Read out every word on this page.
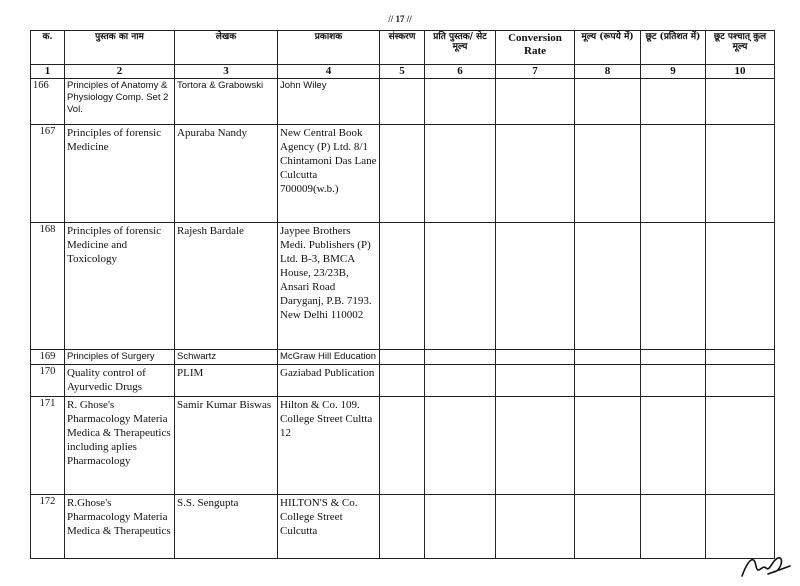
// 17 //
क.	पुस्तक का नाम	लेखक	प्रकाशक	संस्करण	प्रति पुस्तक/ सेट मूल्य	Conversion Rate	मूल्य (रूपये में)	छूट (प्रतिशत में)	छूट पश्चात् कुल मूल्य
1	2	3	4	5	6	7	8	9	10
166	Principles of Anatomy & Physiology Comp. Set 2 Vol.	Tortora & Grabowski	John Wiley						
167	Principles of forensic Medicine	Apuraba Nandy	New Central Book Agency (P) Ltd. 8/1 Chintamoni Das Lane Culcutta 700009(w.b.)						
168	Principles of forensic Medicine and Toxicology	Rajesh Bardale	Jaypee Brothers Medi. Publishers (P) Ltd. B-3, BMCA House, 23/23B, Ansari Road Daryganj, P.B. 7193. New Delhi 110002						
169	Principles of Surgery	Schwartz	McGraw Hill Education						
170	Quality control of Ayurvedic Drugs	PLIM	Gaziabad Publication						
171	R. Ghose's Pharmacology Materia Medica & Therapeutics including aplies Pharmacology	Samir Kumar Biswas	Hilton & Co. 109. College Street Cultta 12						
172	R.Ghose's Pharmacology Materia Medica & Therapeutics	S.S. Sengupta	HILTON'S & Co. College Street Culcutta						
